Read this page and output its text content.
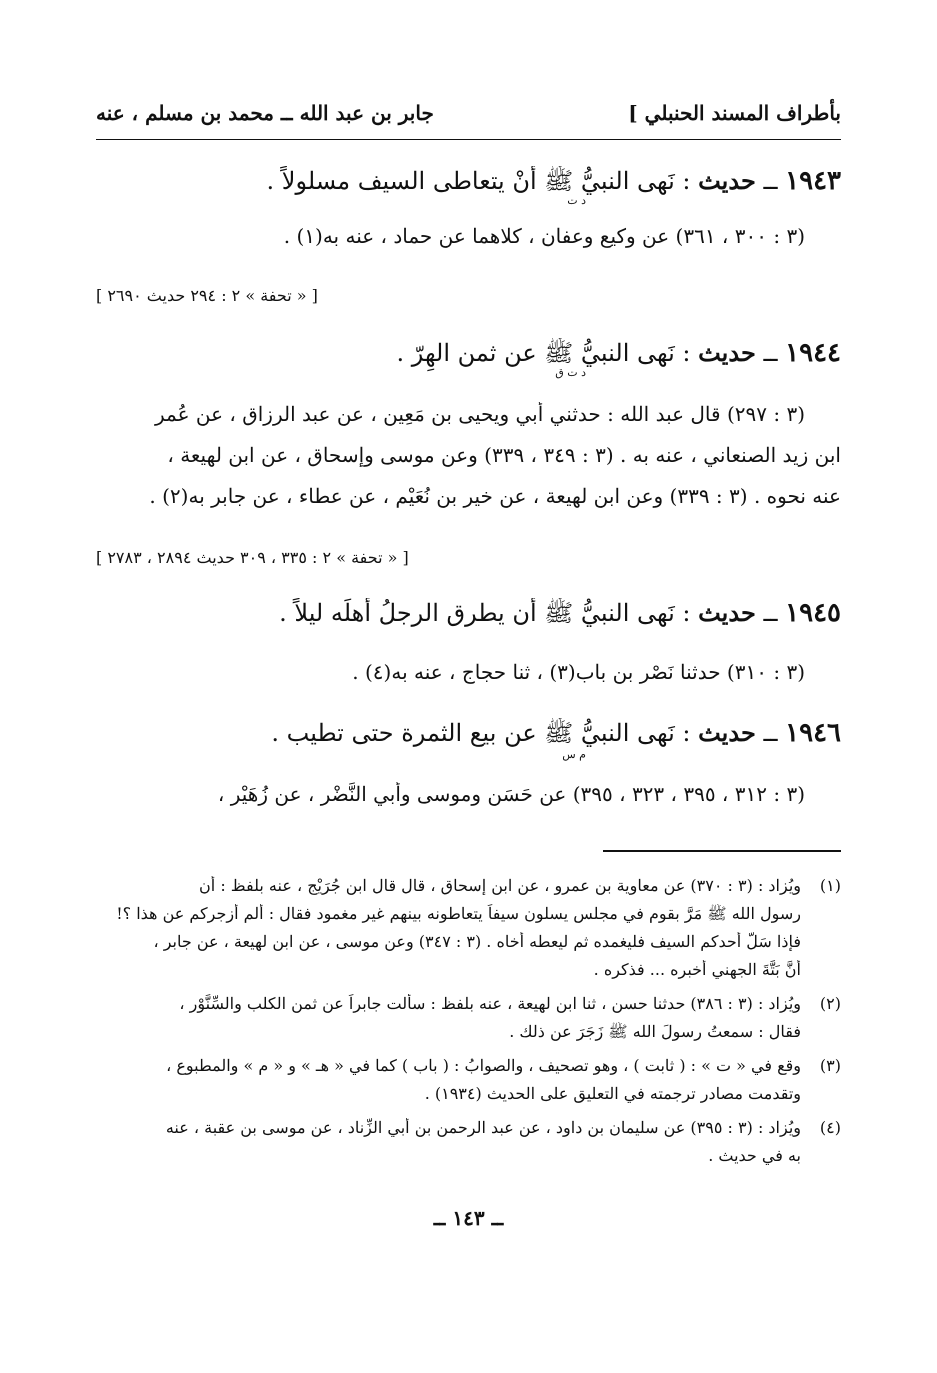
بأطراف المسند الحنبلي ]
جابر بن عبد الله ــ محمد بن مسلم ، عنه
١٩٤٣ ــ حديث : نَهى النبيُّ ﷺ أنْ يتعاطى السيف مسلولاً .
د ت
(٣ : ٣٠٠ ، ٣٦١) عن وكيع وعفان ، كلاهما عن حماد ، عنه به(١) .
[ « تحفة » ٢ : ٢٩٤ حديث ٢٦٩٠ ]
١٩٤٤ ــ حديث : نَهى النبيُّ ﷺ عن ثمن الهِرّ .
د ت ق
(٣ : ٢٩٧) قال عبد الله : حدثني أبي ويحيى بن مَعِين ، عن عبد الرزاق ، عن عُمر
ابن زيد الصنعاني ، عنه به . (٣ : ٣٤٩ ، ٣٣٩) وعن موسى وإسحاق ، عن ابن لهيعة ،
عنه نحوه . (٣ : ٣٣٩) وعن ابن لهيعة ، عن خير بن نُعَيْم ، عن عطاء ، عن جابرٍ به(٢) .
[ « تحفة » ٢ : ٣٣٥ ، ٣٠٩ حديث ٢٨٩٤ ، ٢٧٨٣ ]
١٩٤٥ ــ حديث : نَهى النبيُّ ﷺ أن يطرق الرجلُ أهلَه ليلاً .
(٣ : ٣١٠) حدثنا نَصْر بن باب(٣) ، ثنا حجاج ، عنه به(٤) .
١٩٤٦ ــ حديث : نَهى النبيُّ ﷺ عن بيع الثمرة حتى تطيب .
م س
(٣ : ٣١٢ ، ٣٩٥ ، ٣٢٣ ، ٣٩٥) عن حَسَن وموسى وأبي النَّضْر ، عن زُهَيْر ،
(١)ويُزاد : (٣ : ٣٧٠) عن معاوية بن عمرو ، عن ابن إسحاق ، قال قال ابن جُرَيْج ، عنه بلفظ : أن
رسول الله ﷺ مَرَّ بقوم في مجلس يسلون سيفاً يتعاطونه بينهم غير مغمود فقال : ألم أزجركم عن هذا ؟!
فإذا سَلَّ أحدكم السيف فليغمده ثم ليعطه أخاه . (٣ : ٣٤٧) وعن موسى ، عن ابن لهيعة ، عن جابر ،
أنَّ بَتَّةَ الجهني أخبره ... فذكره .
(٢)ويُزاد : (٣ : ٣٨٦) حدثنا حسن ، ثنا ابن لهيعة ، عنه بلفظ : سألت جابراً عن ثمن الكلب والسِّنَّوْر ،
فقال : سمعتُ رسولَ الله ﷺ زَجَرَ عن ذلك .
(٣)وقع في « ت » : ( ثابت ) ، وهو تصحيف ، والصوابُ : ( باب ) كما في « هـ » و « م » والمطبوع ،
وتقدمت مصادر ترجمته في التعليق على الحديث (١٩٣٤) .
(٤)ويُزاد : (٣ : ٣٩٥) عن سليمان بن داود ، عن عبد الرحمن بن أبي الزِّناد ، عن موسى بن عقبة ، عنه
به في حديث .
ــ ١٤٣ ــ
